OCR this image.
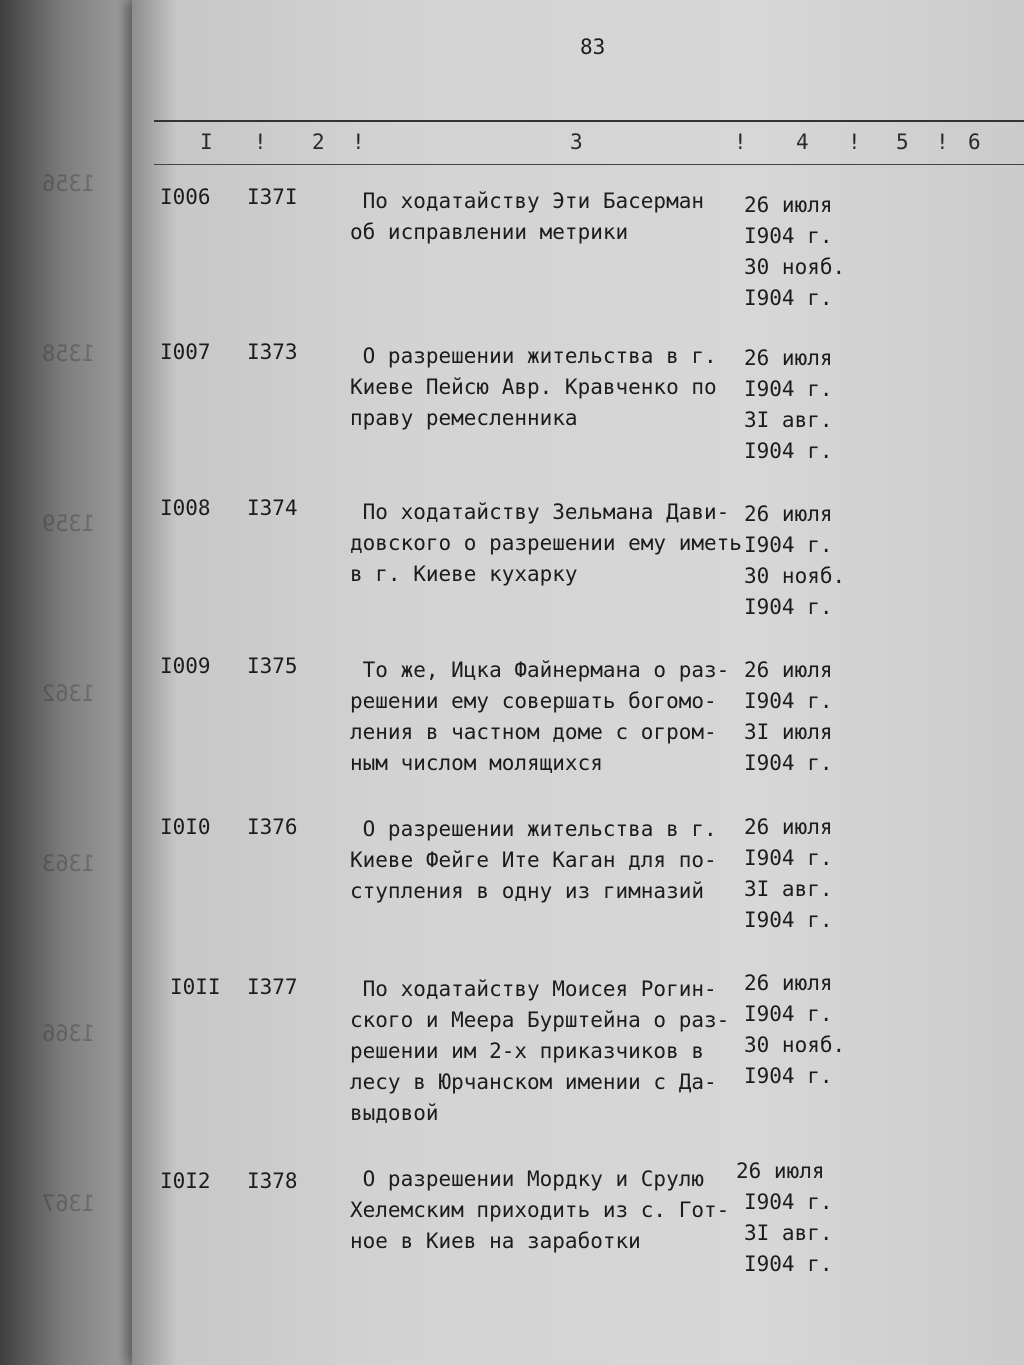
1356
1358
1359
1362
1363
1366
1367
83
I ! 2 !	3	! 4 ! 5 ! 6
I006 I37I По ходатайству Эти Басерман
об исправлении метрики
26 июля
I904 г.
30 нояб.
I904 г.
I007 I373 О разрешении жительства в г.
Киеве Пейсю Авр. Кравченко по
праву ремесленника
26 июля
I904 г.
3I авг.
I904 г.
I008 I374 По ходатайству Зельмана Дави-
довского о разрешении ему иметь
в г. Киеве кухарку
26 июля
I904 г.
30 нояб.
I904 г.
I009 I375 То же, Ицка Файнермана о раз-
решении ему совершать богомо-
ления в частном доме с огром-
ным числом молящихся
26 июля
I904 г.
3I июля
I904 г.
I0I0 I376 О разрешении жительства в г.
Киеве Фейге Ите Каган для по-
ступления в одну из гимназий
26 июля
I904 г.
3I авг.
I904 г.
I0II I377 По ходатайству Моисея Рогин-
ского и Меера Бурштейна о раз-
решении им 2-х приказчиков в
лесу в Юрчанском имении с Да-
выдовой
26 июля
I904 г.
30 нояб.
I904 г.
I0I2 I378 О разрешении Мордку и Срулю
Хелемским приходить из с. Гот-
ное в Киев на заработки
26 июля
I904 г.
3I авг.
I904 г.
